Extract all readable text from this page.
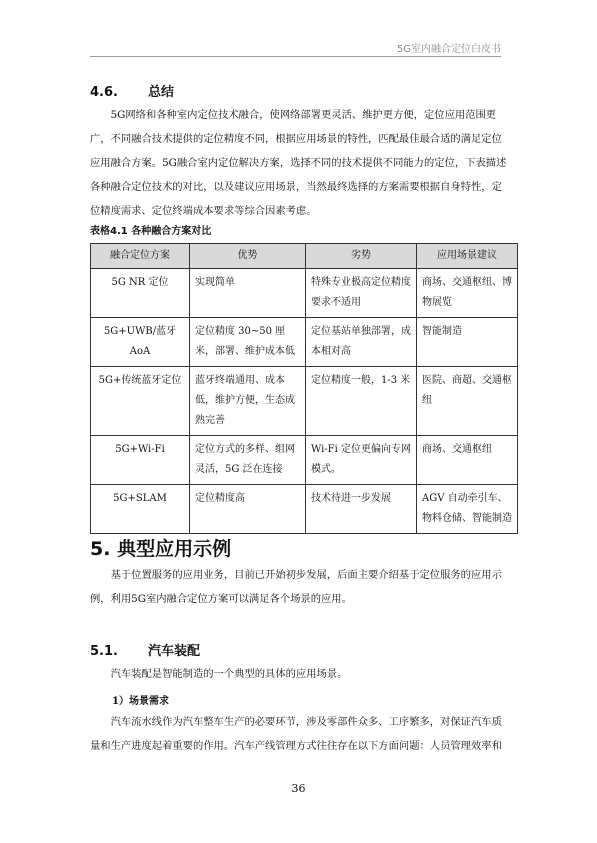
5G室内融合定位白皮书
4.6. 总结

5G网络和各种室内定位技术融合，使网络部署更灵活、维护更方便，定位应用范围更广，不同融合技术提供的定位精度不同，根据应用场景的特性，匹配最佳最合适的满足定位应用融合方案。5G融合室内定位解决方案，选择不同的技术提供不同能力的定位，下表描述各种融合定位技术的对比，以及建议应用场景，当然最终选择的方案需要根据自身特性，定位精度需求、定位终端成本要求等综合因素考虑。

表格4.1 各种融合方案对比
融合定位方案	优势	劣势	应用场景建议
5G NR 定位	实现简单	特殊专业极高定位精度要求不适用	商场、交通枢纽、博物展览
5G+UWB/蓝牙 AoA	定位精度 30~50 厘米，部署、维护成本低	定位基站单独部署，成本相对高	智能制造
5G+传统蓝牙定位	蓝牙终端通用、成本低，维护方便，生态成熟完善	定位精度一般，1-3 米	医院、商超、交通枢纽
5G+Wi-Fi	定位方式的多样、组网灵活，5G 泛在连接	Wi-Fi 定位更偏向专网模式。	商场、交通枢纽
5G+SLAM	定位精度高	技术待进一步发展	AGV 自动牵引车、物料仓储、智能制造
5. 典型应用示例

基于位置服务的应用业务，目前已开始初步发展，后面主要介绍基于定位服务的应用示例，利用5G室内融合定位方案可以满足各个场景的应用。

5.1. 汽车装配

汽车装配是智能制造的一个典型的具体的应用场景。

1）场景需求

汽车流水线作为汽车整车生产的必要环节，涉及零部件众多、工序繁多，对保证汽车质量和生产进度起着重要的作用。汽车产线管理方式往往存在以下方面问题：人员管理效率和

36
